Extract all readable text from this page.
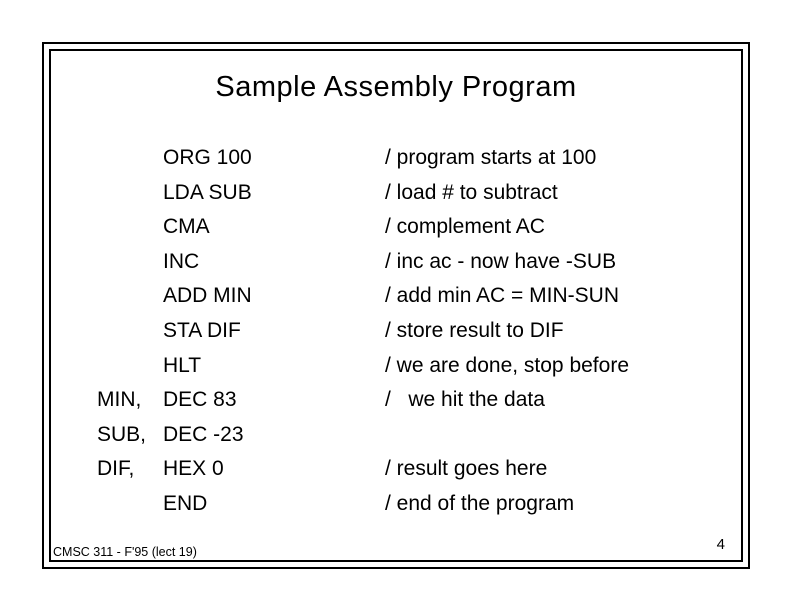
Sample Assembly Program
ORG 100	/ program starts at 100
LDA SUB	/ load # to subtract
CMA	/ complement AC
INC	/ inc ac - now have -SUB
ADD MIN	/ add min AC = MIN-SUN
STA DIF	/ store result to DIF
HLT	/ we are done, stop before
MIN,	DEC 83	/   we hit the data
SUB, DEC -23
DIF,	HEX 0	/ result goes here
END	/ end of the program
CMSC 311 - F'95 (lect 19)	4
